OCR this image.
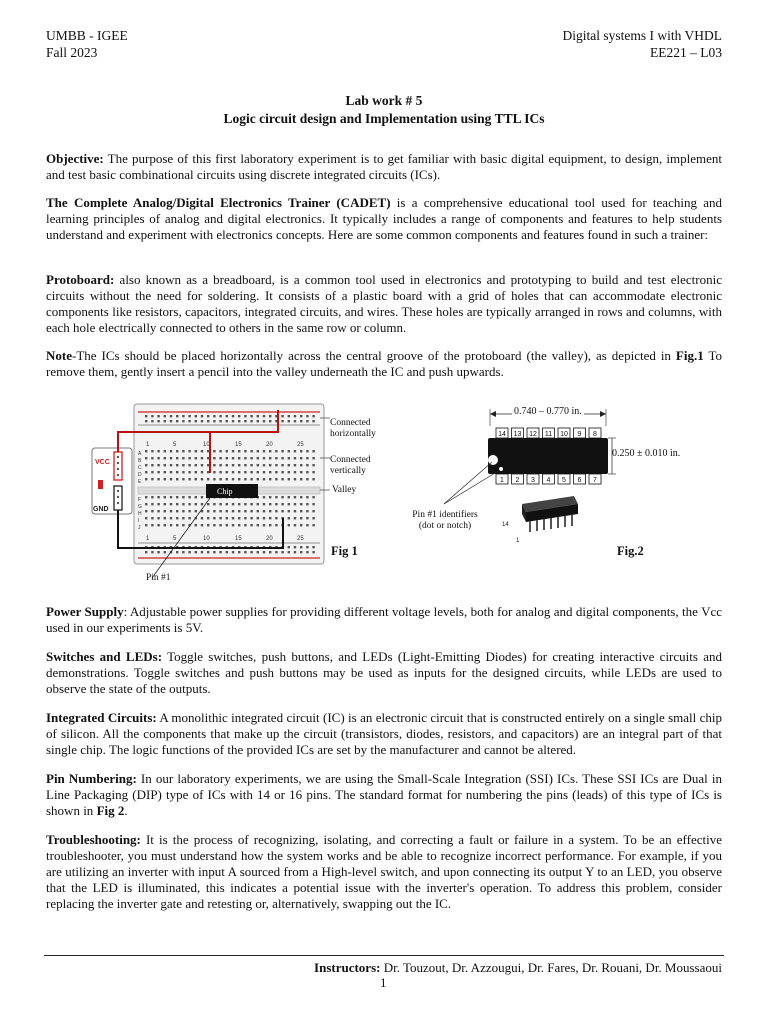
UMBB - IGEE
Fall 2023
Digital systems I with VHDL
EE221 – L03
Lab work # 5
Logic circuit design and Implementation using TTL ICs
Objective: The purpose of this first laboratory experiment is to get familiar with basic digital equipment, to design, implement and test basic combinational circuits using discrete integrated circuits (ICs).
The Complete Analog/Digital Electronics Trainer (CADET) is a comprehensive educational tool used for teaching and learning principles of analog and digital electronics. It typically includes a range of components and features to help students understand and experiment with electronics concepts. Here are some common components and features found in such a trainer:
Protoboard: also known as a breadboard, is a common tool used in electronics and prototyping to build and test electronic circuits without the need for soldering. It consists of a plastic board with a grid of holes that can accommodate electronic components like resistors, capacitors, integrated circuits, and wires. These holes are typically arranged in rows and columns, with each hole electrically connected to others in the same row or column.
Note-The ICs should be placed horizontally across the central groove of the protoboard (the valley), as depicted in Fig.1 To remove them, gently insert a pencil into the valley underneath the IC and push upwards.
1	5	10	15	20	25
1	5	10	15	20	25
A
B
C
D
E
F
G
H
I
J
VCC
GND
Chip
Connected
horizontally
Connected
vertically
Valley
Pin #1
Fig 1
14 13 12 11 10 9 8
1 2 3 4 5 6 7
14
1
0.740 – 0.770 in.
0.250 ± 0.010 in.
Pin #1 identifiers
(dot or notch)
Fig.2
Power Supply: Adjustable power supplies for providing different voltage levels, both for analog and digital components, the Vcc used in our experiments is 5V.
Switches and LEDs: Toggle switches, push buttons, and LEDs (Light-Emitting Diodes) for creating interactive circuits and demonstrations. Toggle switches and push buttons may be used as inputs for the designed circuits, while LEDs are used to observe the state of the outputs.
Integrated Circuits: A monolithic integrated circuit (IC) is an electronic circuit that is constructed entirely on a single small chip of silicon. All the components that make up the circuit (transistors, diodes, resistors, and capacitors) are an integral part of that single chip. The logic functions of the provided ICs are set by the manufacturer and cannot be altered.
Pin Numbering: In our laboratory experiments, we are using the Small-Scale Integration (SSI) ICs. These SSI ICs are Dual in Line Packaging (DIP) type of ICs with 14 or 16 pins. The standard format for numbering the pins (leads) of this type of ICs is shown in Fig 2.
Troubleshooting: It is the process of recognizing, isolating, and correcting a fault or failure in a system. To be an effective troubleshooter, you must understand how the system works and be able to recognize incorrect performance. For example, if you are utilizing an inverter with input A sourced from a High-level switch, and upon connecting its output Y to an LED, you observe that the LED is illuminated, this indicates a potential issue with the inverter's operation. To address this problem, consider replacing the inverter gate and retesting or, alternatively, swapping out the IC.
Instructors: Dr. Touzout, Dr. Azzougui, Dr. Fares, Dr. Rouani, Dr. Moussaoui
1
